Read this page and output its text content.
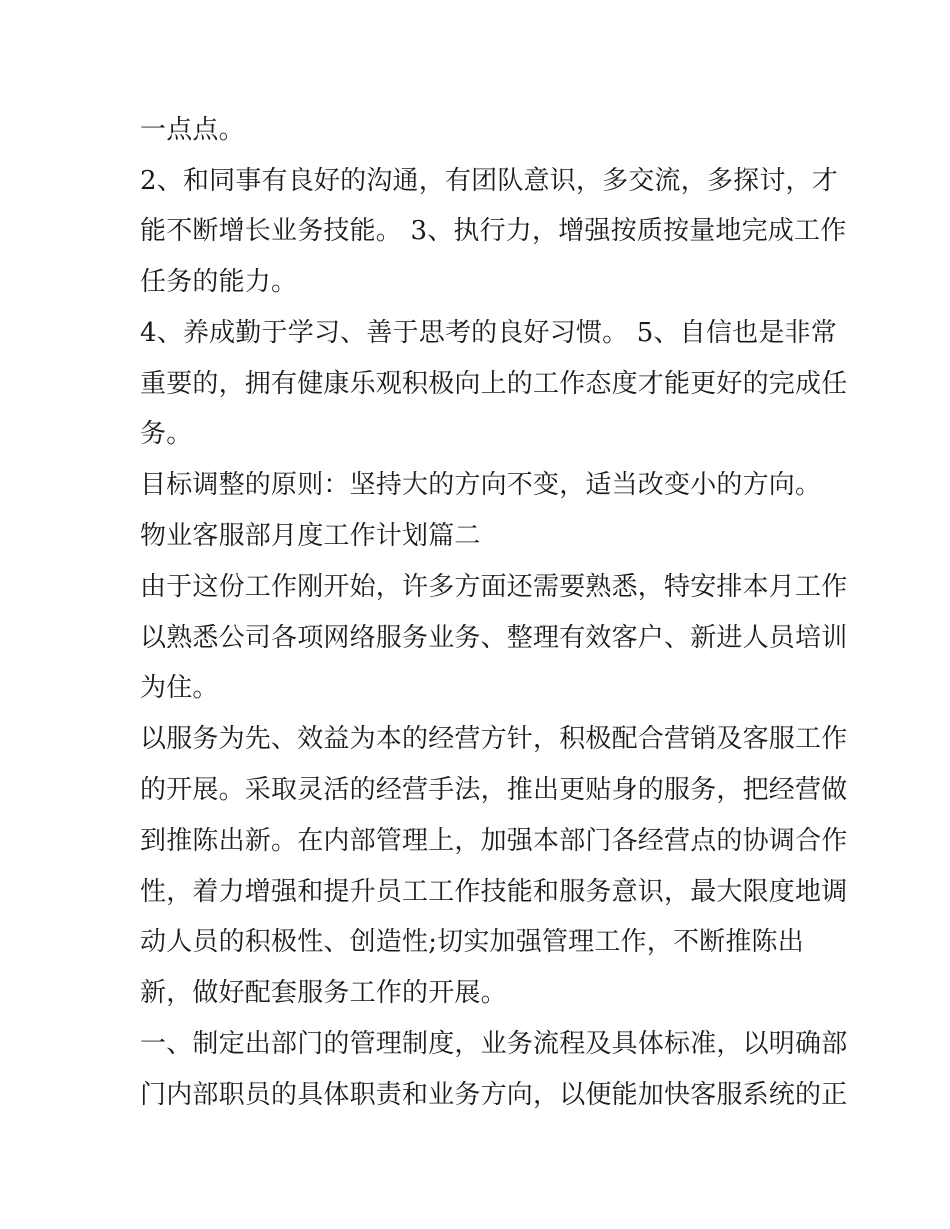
一点点。
2、和同事有良好的沟通，有团队意识，多交流，多探讨，才
能不断增长业务技能。 3、执行力，增强按质按量地完成工作
任务的能力。
4、养成勤于学习、善于思考的良好习惯。 5、自信也是非常
重要的，拥有健康乐观积极向上的工作态度才能更好的完成任
务。
目标调整的原则：坚持大的方向不变，适当改变小的方向。
物业客服部月度工作计划篇二
由于这份工作刚开始，许多方面还需要熟悉，特安排本月工作
以熟悉公司各项网络服务业务、整理有效客户、新进人员培训
为住。
以服务为先、效益为本的经营方针，积极配合营销及客服工作
的开展。采取灵活的经营手法，推出更贴身的服务，把经营做
到推陈出新。在内部管理上，加强本部门各经营点的协调合作
性，着力增强和提升员工工作技能和服务意识，最大限度地调
动人员的积极性、创造性;切实加强管理工作，不断推陈出
新，做好配套服务工作的开展。
一、制定出部门的管理制度，业务流程及具体标准，以明确部
门内部职员的具体职责和业务方向，以便能加快客服系统的正
